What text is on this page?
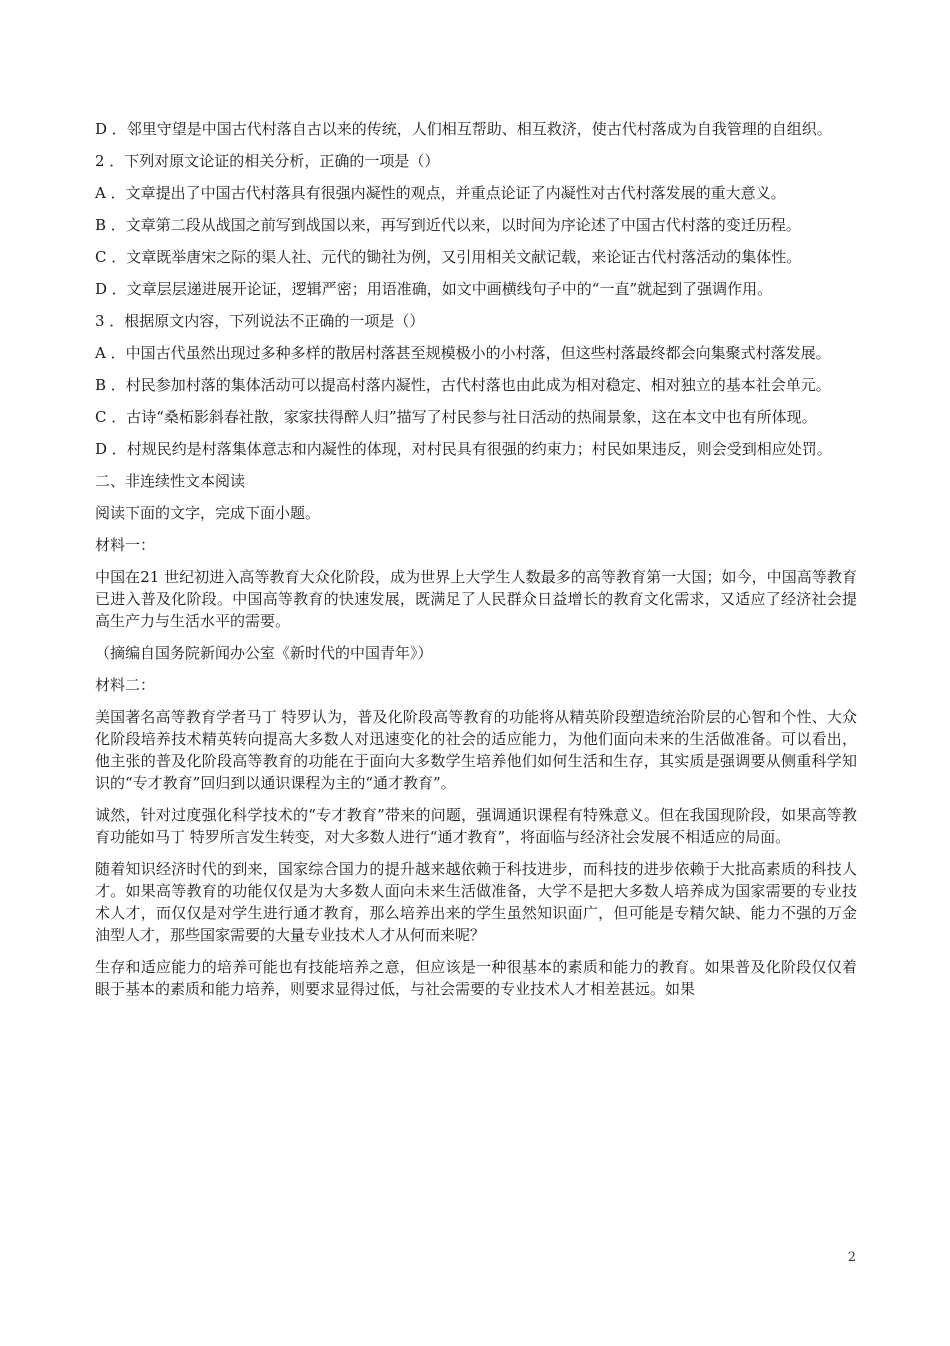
D ．邻里守望是中国古代村落自古以来的传统，人们相互帮助、相互救济，使古代村落成为自我管理的自组织。

2 ．下列对原文论证的相关分析，正确的一项是（）

A ．文章提出了中国古代村落具有很强内凝性的观点，并重点论证了内凝性对古代村落发展的重大意义。

B ．文章第二段从战国之前写到战国以来，再写到近代以来，以时间为序论述了中国古代村落的变迁历程。

C ．文章既举唐宋之际的渠人社、元代的锄社为例，又引用相关文献记载，来论证古代村落活动的集体性。

D ．文章层层递进展开论证，逻辑严密；用语准确，如文中画横线句子中的“一直”就起到了强调作用。

3 ．根据原文内容，下列说法不正确的一项是（）

A ．中国古代虽然出现过多种多样的散居村落甚至规模极小的小村落，但这些村落最终都会向集聚式村落发展。

B ．村民参加村落的集体活动可以提高村落内凝性，古代村落也由此成为相对稳定、相对独立的基本社会单元。

C ．古诗“桑柘影斜春社散，家家扶得醉人归”描写了村民参与社日活动的热闹景象，这在本文中也有所体现。

D ．村规民约是村落集体意志和内凝性的体现，对村民具有很强的约束力；村民如果违反，则会受到相应处罚。

二、非连续性文本阅读

阅读下面的文字，完成下面小题。

材料一：

中国在21 世纪初进入高等教育大众化阶段，成为世界上大学生人数最多的高等教育第一大国；如今，中国高等教育已进入普及化阶段。中国高等教育的快速发展，既满足了人民群众日益增长的教育文化需求，又适应了经济社会提高生产力与生活水平的需要。

（摘编自国务院新闻办公室《新时代的中国青年》）

材料二：

美国著名高等教育学者马丁 特罗认为，普及化阶段高等教育的功能将从精英阶段塑造统治阶层的心智和个性、大众化阶段培养技术精英转向提高大多数人对迅速变化的社会的适应能力，为他们面向未来的生活做准备。可以看出，他主张的普及化阶段高等教育的功能在于面向大多数学生培养他们如何生活和生存，其实质是强调要从侧重科学知识的“专才教育”回归到以通识课程为主的“通才教育”。

诚然，针对过度强化科学技术的“专才教育”带来的问题，强调通识课程有特殊意义。但在我国现阶段，如果高等教育功能如马丁 特罗所言发生转变，对大多数人进行“通才教育”，将面临与经济社会发展不相适应的局面。

随着知识经济时代的到来，国家综合国力的提升越来越依赖于科技进步，而科技的进步依赖于大批高素质的科技人才。如果高等教育的功能仅仅是为大多数人面向未来生活做准备，大学不是把大多数人培养成为国家需要的专业技术人才，而仅仅是对学生进行通才教育，那么培养出来的学生虽然知识面广，但可能是专精欠缺、能力不强的万金油型人才，那些国家需要的大量专业技术人才从何而来呢？

生存和适应能力的培养可能也有技能培养之意，但应该是一种很基本的素质和能力的教育。如果普及化阶段仅仅着眼于基本的素质和能力培养，则要求显得过低，与社会需要的专业技术人才相差甚远。如果

2
